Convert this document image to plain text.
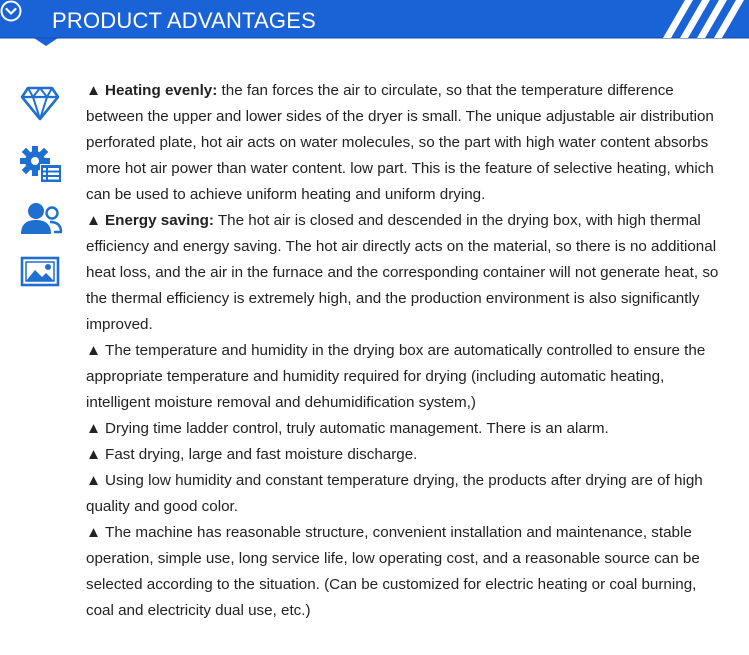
PRODUCT ADVANTAGES

▲ Heating evenly: the fan forces the air to circulate, so that the temperature difference between the upper and lower sides of the dryer is small. The unique adjustable air distribution perforated plate, hot air acts on water molecules, so the part with high water content absorbs more hot air power than water content. low part. This is the feature of selective heating, which can be used to achieve uniform heating and uniform drying.

▲ Energy saving: The hot air is closed and descended in the drying box, with high thermal efficiency and energy saving. The hot air directly acts on the material, so there is no additional heat loss, and the air in the furnace and the corresponding container will not generate heat, so the thermal efficiency is extremely high, and the production environment is also significantly improved.

▲ The temperature and humidity in the drying box are automatically controlled to ensure the appropriate temperature and humidity required for drying (including automatic heating, intelligent moisture removal and dehumidification system,)

▲ Drying time ladder control, truly automatic management. There is an alarm.

▲ Fast drying, large and fast moisture discharge.

▲ Using low humidity and constant temperature drying, the products after drying are of high quality and good color.

▲ The machine has reasonable structure, convenient installation and maintenance, stable operation, simple use, long service life, low operating cost, and a reasonable source can be selected according to the situation. (Can be customized for electric heating or coal burning, coal and electricity dual use, etc.)
